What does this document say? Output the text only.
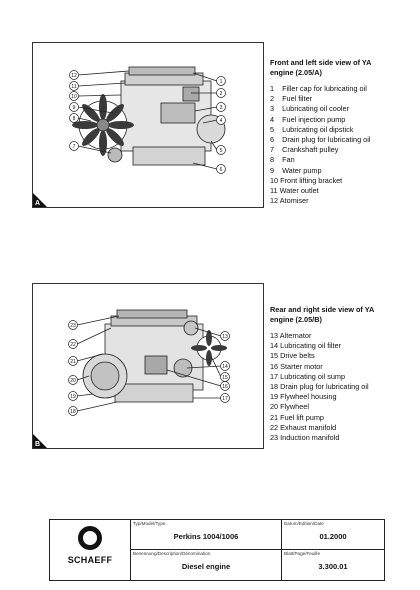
12
11
10
9
8
7
1
2
3
4
5
6
A
Front and left side view of YA engine (2.05/A)
1 Filler cap for lubricating oil
2 Fuel filter
3 Lubricating oil cooler
4 Fuel injection pump
5 Lubricating oil dipstick
6 Drain plug for lubricating oil
7 Crankshaft pulley
8 Fan
9 Water pump
10 Front lifting bracket
11 Water outlet
12 Atomiser
23
22
21
20
19
18
13
14
15
16
17
B
Rear and right side view of YA engine (2.05/B)
13 Alternator
14 Lubricating oil filter
15 Drive belts
16 Starter motor
17 Lubricating oil sump
18 Drain plug for lubricating oil
19 Flywheel housing
20 Flywheel
21 Fuel lift pump
22 Exhaust manifold
23 Induction manifold
SCHAEFF
Typ/Model/Type
Perkins 1004/1006
Datum/Edition/Date
01.2000
Benennung/Description/Dénomination
Diesel engine
Blatt/Page/Feuille
3.300.01
